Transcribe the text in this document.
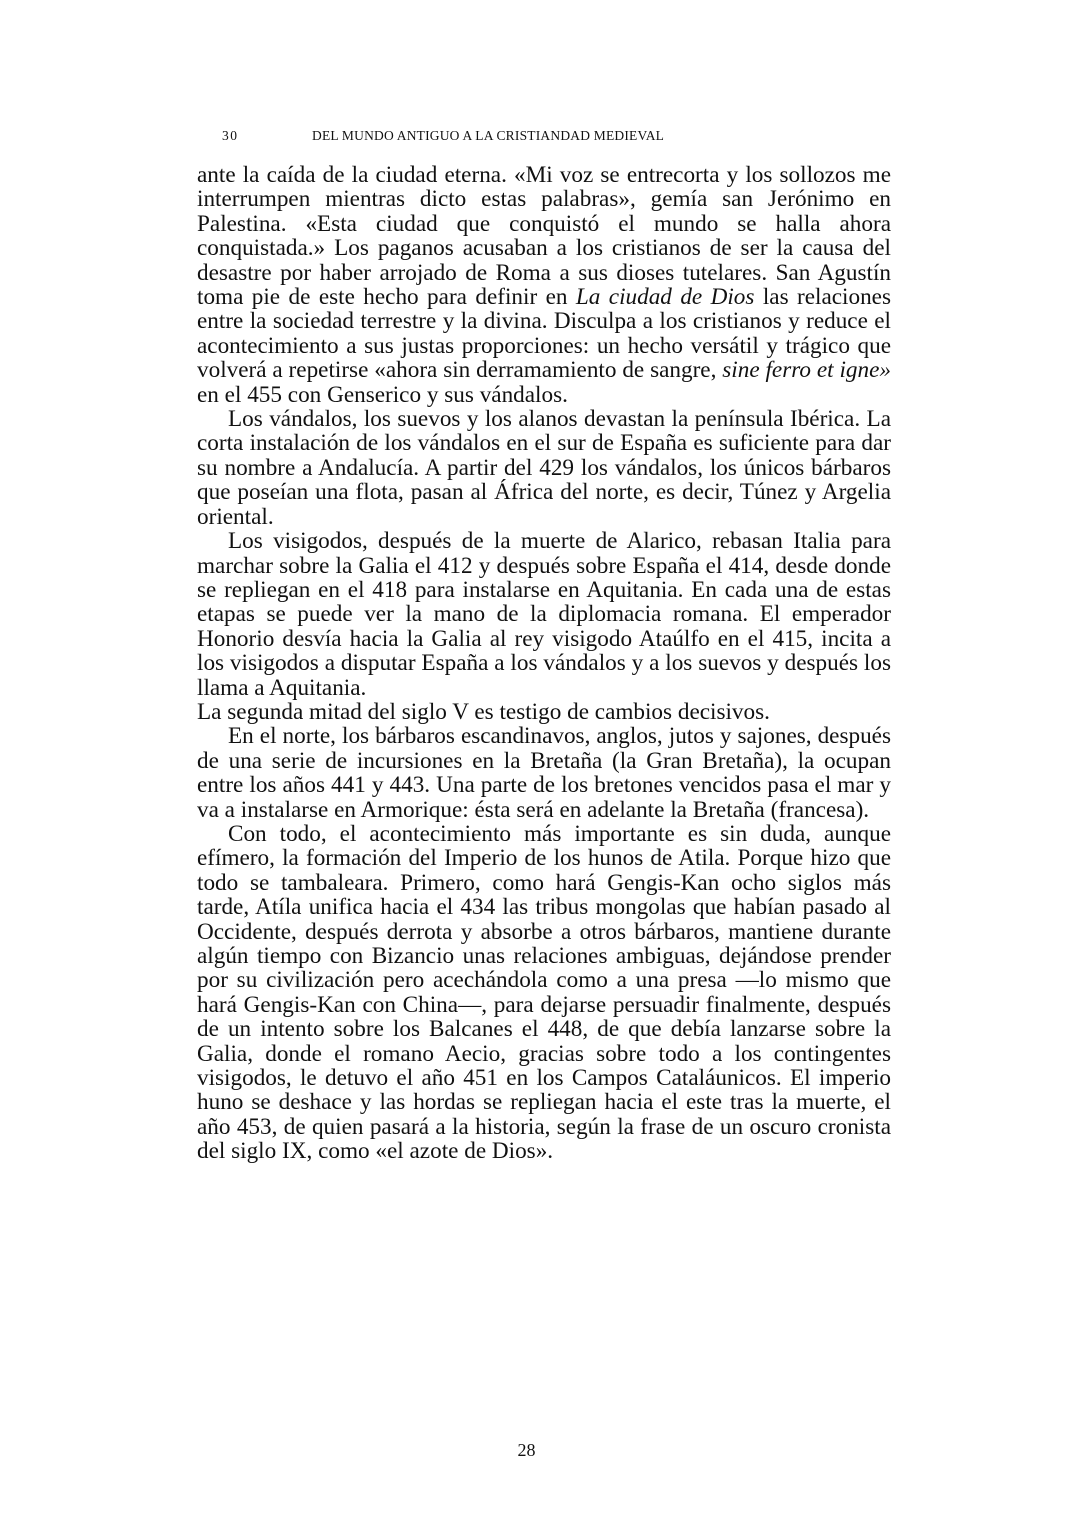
30	DEL MUNDO ANTIGUO A LA CRISTIANDAD MEDIEVAL

ante la caída de la ciudad eterna. «Mi voz se entrecorta y los sollozos me interrumpen mientras dicto estas palabras», gemía san Jerónimo en Palestina. «Esta ciudad que conquistó el mundo se halla ahora conquistada.» Los paganos acusaban a los cristianos de ser la causa del desastre por haber arrojado de Roma a sus dioses tutelares. San Agustín toma pie de este hecho para definir en La ciudad de Dios las relaciones entre la sociedad terrestre y la divina. Disculpa a los cristianos y reduce el acontecimiento a sus justas proporciones: un hecho versátil y trágico que volverá a repetirse «ahora sin derramamiento de sangre, sine ferro et igne» en el 455 con Genserico y sus vándalos.

Los vándalos, los suevos y los alanos devastan la península Ibérica. La corta instalación de los vándalos en el sur de España es suficiente para dar su nombre a Andalucía. A partir del 429 los vándalos, los únicos bárbaros que poseían una flota, pasan al África del norte, es decir, Túnez y Argelia oriental.

Los visigodos, después de la muerte de Alarico, rebasan Italia para marchar sobre la Galia el 412 y después sobre España el 414, desde donde se repliegan en el 418 para instalarse en Aquitania. En cada una de estas etapas se puede ver la mano de la diplomacia romana. El emperador Honorio desvía hacia la Galia al rey visigodo Ataúlfo en el 415, incita a los visigodos a disputar España a los vándalos y a los suevos y después los llama a Aquitania.

La segunda mitad del siglo V es testigo de cambios decisivos.

En el norte, los bárbaros escandinavos, anglos, jutos y sajones, después de una serie de incursiones en la Bretaña (la Gran Bretaña), la ocupan entre los años 441 y 443. Una parte de los bretones vencidos pasa el mar y va a instalarse en Armorique: ésta será en adelante la Bretaña (francesa).

Con todo, el acontecimiento más importante es sin duda, aunque efímero, la formación del Imperio de los hunos de Atila. Porque hizo que todo se tambaleara. Primero, como hará Gengis-Kan ocho siglos más tarde, Atíla unifica hacia el 434 las tribus mongolas que habían pasado al Occidente, después derrota y absorbe a otros bárbaros, mantiene durante algún tiempo con Bizancio unas relaciones ambiguas, dejándose prender por su civilización pero acechándola como a una presa —lo mismo que hará Gengis-Kan con China—, para dejarse persuadir finalmente, después de un intento sobre los Balcanes el 448, de que debía lanzarse sobre la Galia, donde el romano Aecio, gracias sobre todo a los contingentes visigodos, le detuvo el año 451 en los Campos Cataláunicos. El imperio huno se deshace y las hordas se repliegan hacia el este tras la muerte, el año 453, de quien pasará a la historia, según la frase de un oscuro cronista del siglo IX, como «el azote de Dios».

28
